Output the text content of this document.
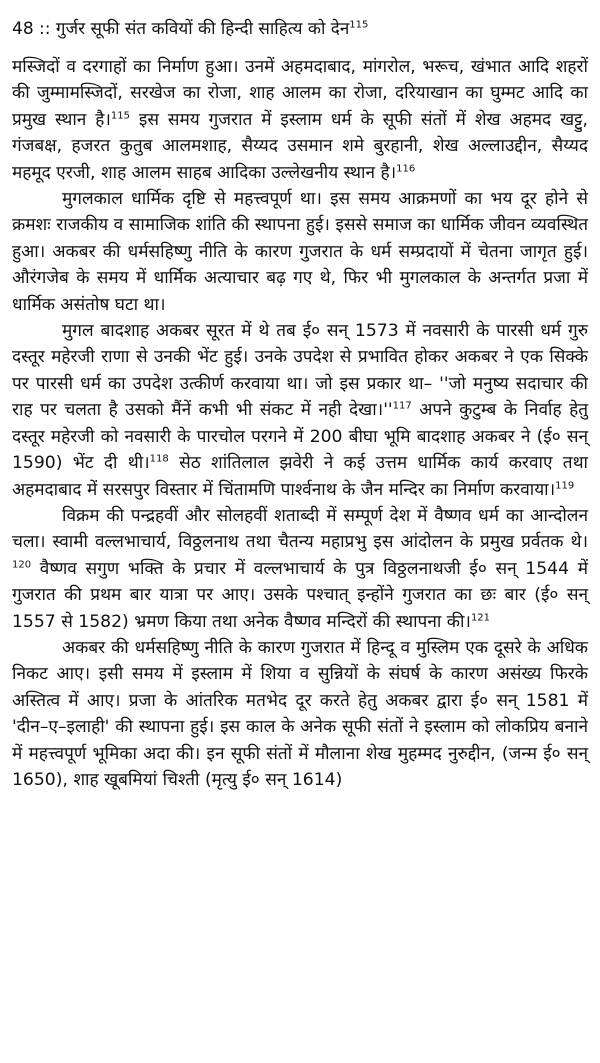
48 :: गुर्जर सूफी संत कवियों की हिन्दी साहित्य को देन$^{115}$

मस्जिदों व दरगाहों का निर्माण हुआ। उनमें अहमदाबाद, मांगरोल, भरूच, खंभात आदि शहरों की जुम्मामस्जिदों, सरखेज का रोजा, शाह आलम का रोजा, दरियाखान का घुम्मट आदि का प्रमुख स्थान है।$^{115}$ इस समय गुजरात में इस्लाम धर्म के सूफी संतों में शेख अहमद खट्टु, गंजबक्ष, हजरत कुतुब आलमशाह, सैय्यद उसमान शमे बुरहानी, शेख अल्लाउद्दीन, सैय्यद महमूद एरजी, शाह आलम साहब आदिका उल्लेखनीय स्थान है।$^{116}$

मुगलकाल धार्मिक दृष्टि से महत्त्वपूर्ण था। इस समय आक्रमणों का भय दूर होने से क्रमशः राजकीय व सामाजिक शांति की स्थापना हुई। इससे समाज का धार्मिक जीवन व्यवस्थित हुआ। अकबर की धर्मसहिष्णु नीति के कारण गुजरात के धर्म सम्प्रदायों में चेतना जागृत हुई। औरंगजेब के समय में धार्मिक अत्याचार बढ़ गए थे, फिर भी मुगलकाल के अन्तर्गत प्रजा में धार्मिक असंतोष घटा था।

मुगल बादशाह अकबर सूरत में थे तब ई० सन् 1573 में नवसारी के पारसी धर्म गुरु दस्तूर महेरजी राणा से उनकी भेंट हुई। उनके उपदेश से प्रभावित होकर अकबर ने एक सिक्के पर पारसी धर्म का उपदेश उत्कीर्ण करवाया था। जो इस प्रकार था– ''जो मनुष्य सदाचार की राह पर चलता है उसको मैंनें कभी भी संकट में नही $देखा।''^{117}$ अपने कुटुम्ब के निर्वाह हेतु दस्तूर महेरजी को नवसारी के पारचोल परगने में 200 बीघा भूमि बादशाह अकबर ने (ई० सन् 1590) भेंट दी थी।$^{118}$ सेठ शांतिलाल झवेरी ने कई उत्तम धार्मिक कार्य करवाए तथा अहमदाबाद में सरसपुर विस्तार में चिंतामणि पार्श्वनाथ के जैन मन्दिर का निर्माण करवाया।$^{119}$

विक्रम की पन्द्रहवीं और सोलहवीं शताब्दी में सम्पूर्ण देश में वैष्णव धर्म का आन्दोलन चला। स्वामी वल्लभाचार्य, विठ्ठलनाथ तथा चैतन्य महाप्रभु इस आंदोलन के प्रमुख प्रर्वतक थे।$^{120}$ वैष्णव सगुण भक्ति के प्रचार में वल्लभाचार्य के पुत्र विठ्ठलनाथजी ई० सन् 1544 में गुजरात की प्रथम बार यात्रा पर आए। उसके पश्चात् इन्होंने गुजरात का छः बार (ई० सन् 1557 से 1582) भ्रमण किया तथा अनेक वैष्णव मन्दिरों की स्थापना की।$^{121}$

अकबर की धर्मसहिष्णु नीति के कारण गुजरात में हिन्दू व मुस्लिम एक दूसरे के अधिक निकट आए। इसी समय में इस्लाम में शिया व सुन्नियों के संघर्ष के कारण असंख्य फिरके अस्तित्व में आए। प्रजा के आंतरिक मतभेद दूर करते हेतु अकबर द्वारा ई० सन् 1581 में 'दीन–ए–इलाही' की स्थापना हुई। इस काल के अनेक सूफी संतों ने इस्लाम को लोकप्रिय बनाने में महत्त्वपूर्ण भूमिका अदा की। इन सूफी संतों में मौलाना शेख मुहम्मद नुरुद्दीन, (जन्म ई० सन् 1650), शाह खूबमियां चिश्ती (मृत्यु ई० सन् 1614)
